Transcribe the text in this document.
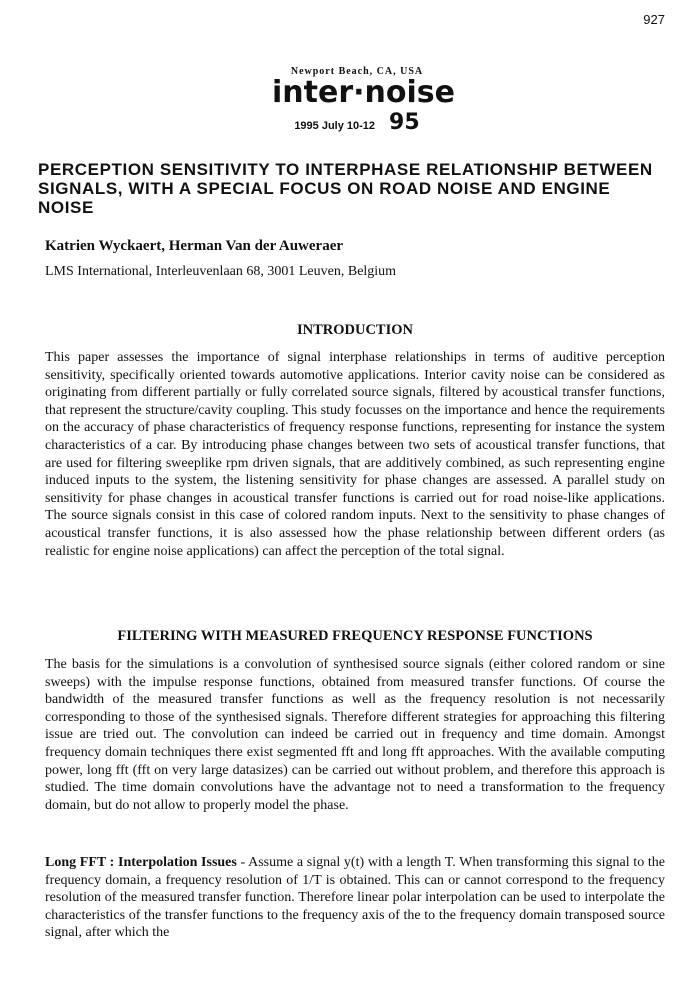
927
Newport Beach, CA, USA
inter·noise
1995 July 10-12 95
PERCEPTION SENSITIVITY TO INTERPHASE RELATIONSHIP BETWEEN SIGNALS, WITH A SPECIAL FOCUS ON ROAD NOISE AND ENGINE NOISE
Katrien Wyckaert, Herman Van der Auweraer
LMS International, Interleuvenlaan 68, 3001 Leuven, Belgium
INTRODUCTION

This paper assesses the importance of signal interphase relationships in terms of auditive perception sensitivity, specifically oriented towards automotive applications. Interior cavity noise can be considered as originating from different partially or fully correlated source signals, filtered by acoustical transfer functions, that represent the structure/cavity coupling. This study focusses on the importance and hence the requirements on the accuracy of phase characteristics of frequency response functions, representing for instance the system characteristics of a car. By introducing phase changes between two sets of acoustical transfer functions, that are used for filtering sweeplike rpm driven signals, that are additively combined, as such representing engine induced inputs to the system, the listening sensitivity for phase changes are assessed. A parallel study on sensitivity for phase changes in acoustical transfer functions is carried out for road noise-like applications. The source signals consist in this case of colored random inputs. Next to the sensitivity to phase changes of acoustical transfer functions, it is also assessed how the phase relationship between different orders (as realistic for engine noise applications) can affect the perception of the total signal.

FILTERING WITH MEASURED FREQUENCY RESPONSE FUNCTIONS

The basis for the simulations is a convolution of synthesised source signals (either colored random or sine sweeps) with the impulse response functions, obtained from measured transfer functions. Of course the bandwidth of the measured transfer functions as well as the frequency resolution is not necessarily corresponding to those of the synthesised signals. Therefore different strategies for approaching this filtering issue are tried out. The convolution can indeed be carried out in frequency and time domain. Amongst frequency domain techniques there exist segmented fft and long fft approaches. With the available computing power, long fft (fft on very large datasizes) can be carried out without problem, and therefore this approach is studied. The time domain convolutions have the advantage not to need a transformation to the frequency domain, but do not allow to properly model the phase.

Long FFT : Interpolation Issues - Assume a signal y(t) with a length T. When transforming this signal to the frequency domain, a frequency resolution of 1/T is obtained. This can or cannot correspond to the frequency resolution of the measured transfer function. Therefore linear polar interpolation can be used to interpolate the characteristics of the transfer functions to the frequency axis of the to the frequency domain transposed source signal, after which the
